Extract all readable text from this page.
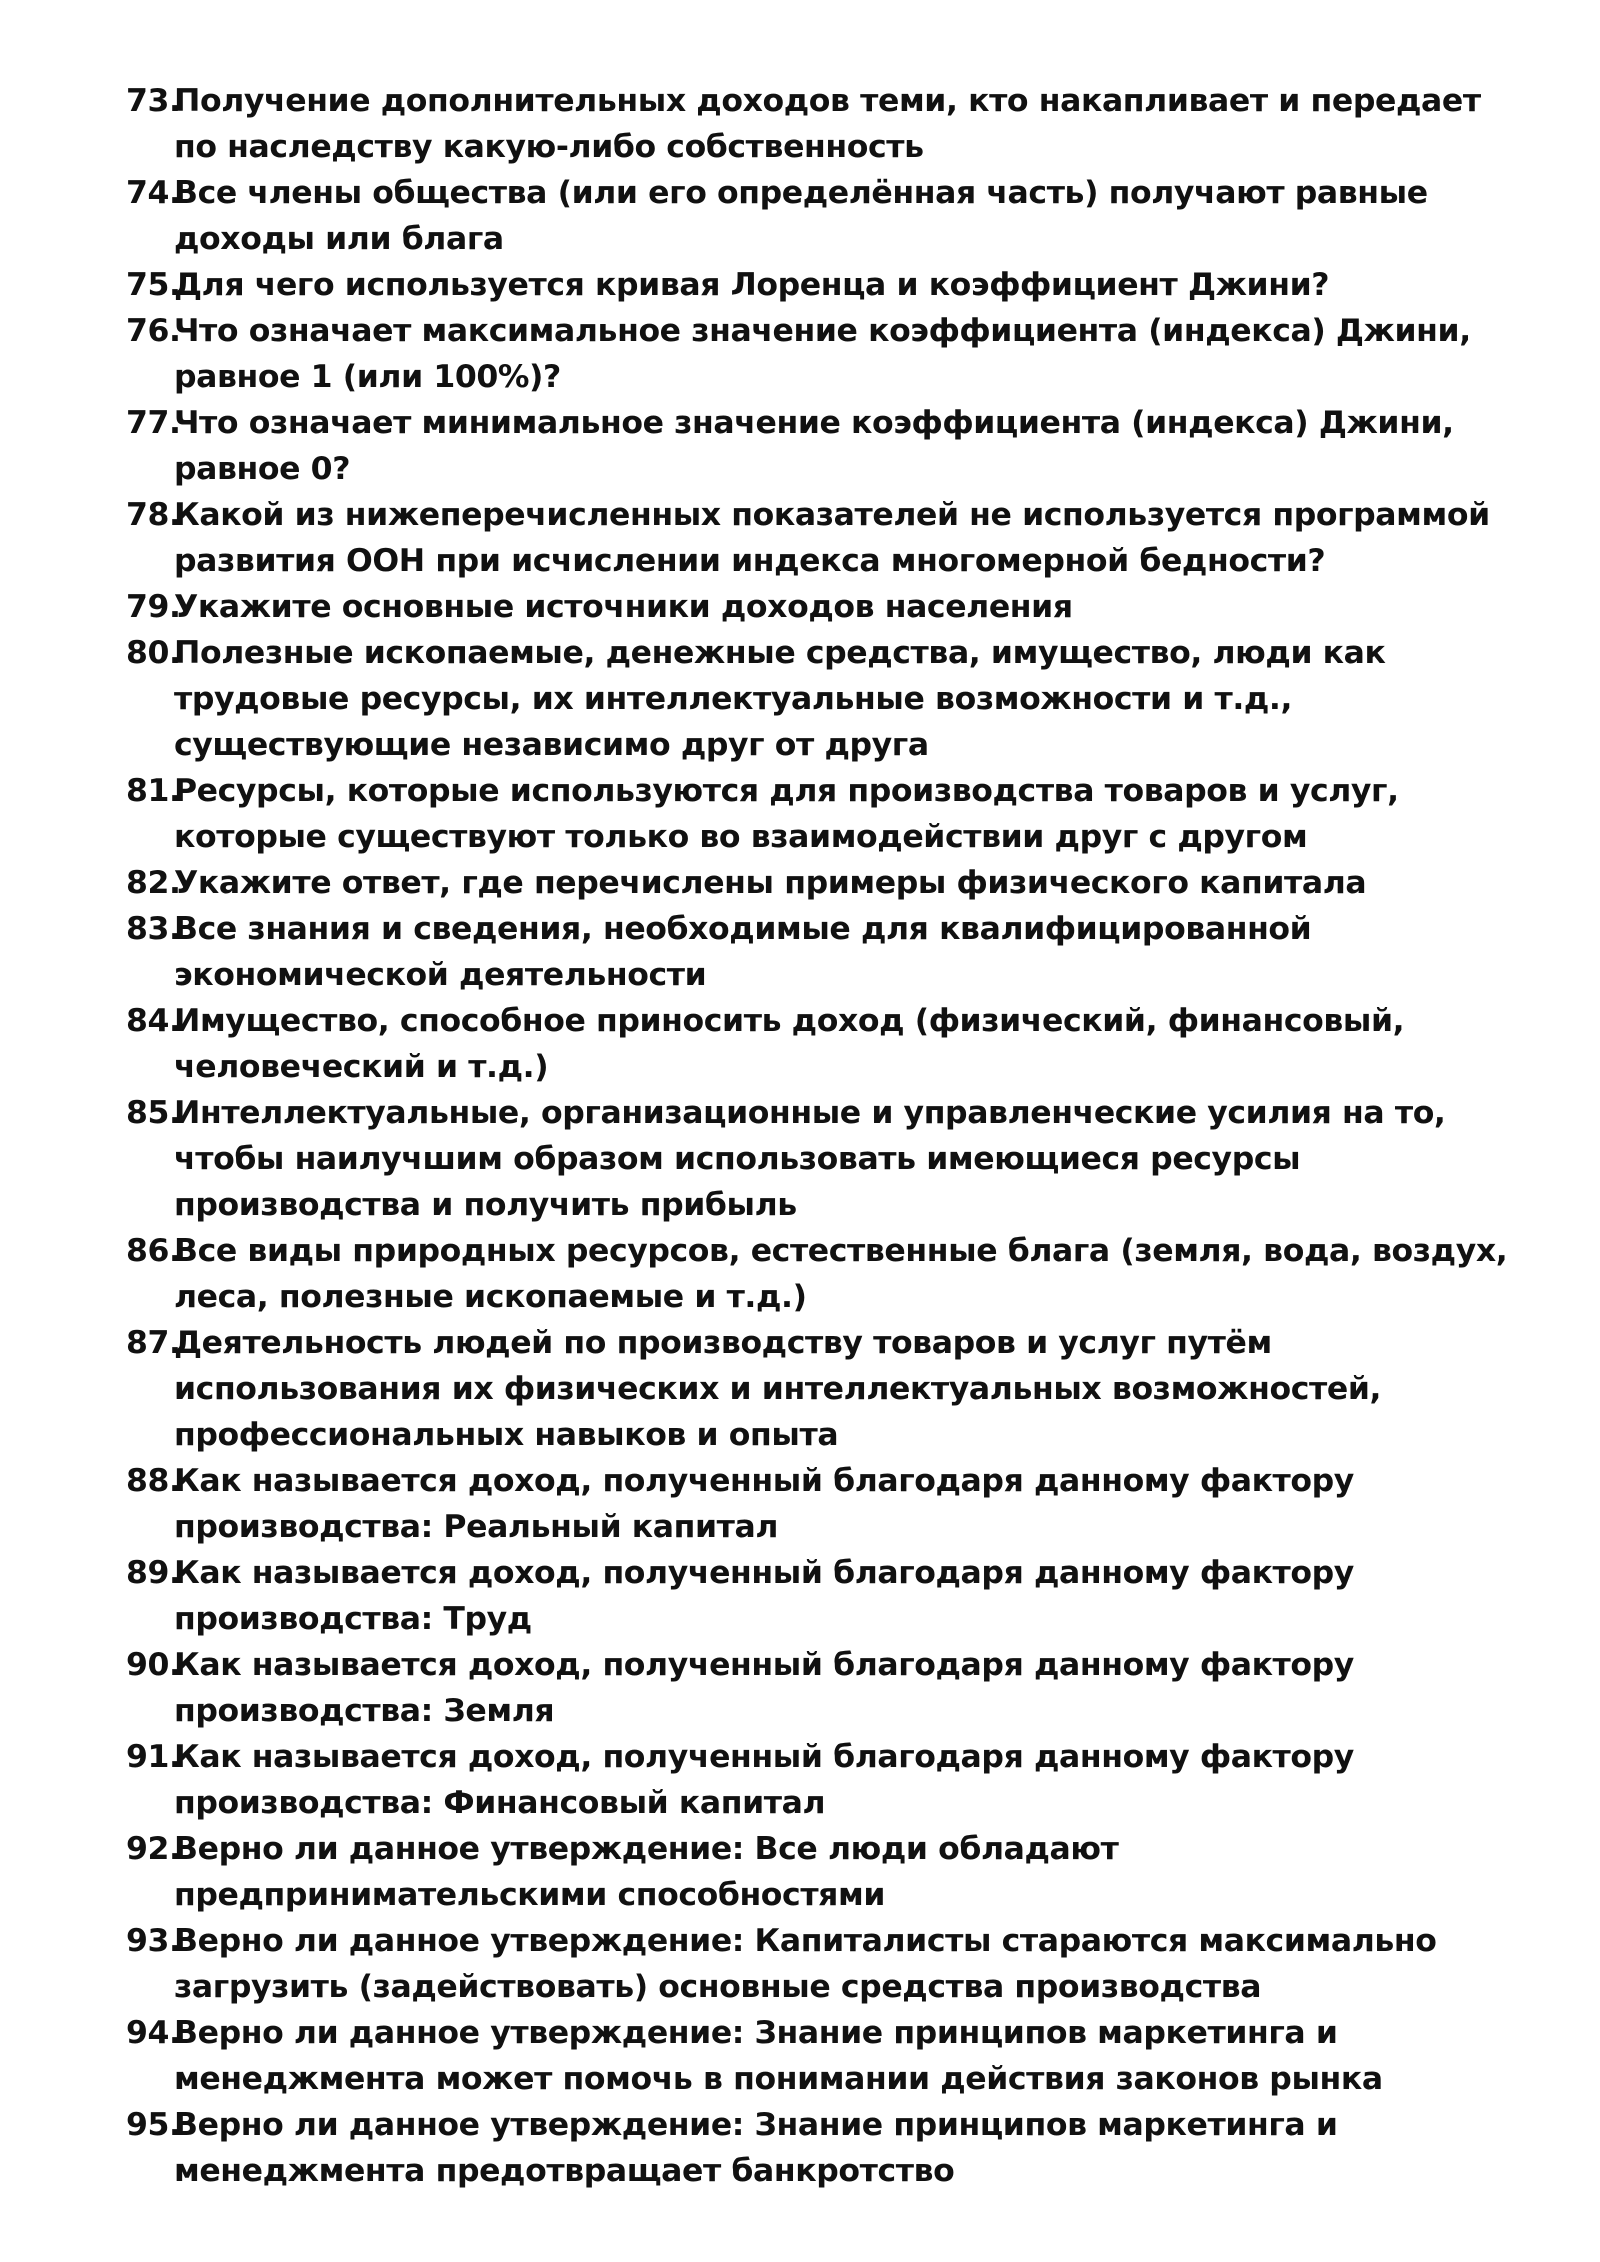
73.
Получение дополнительных доходов теми, кто накапливает и передает по наследству какую-либо собственность
74.
Все члены общества (или его определённая часть) получают равные доходы или блага
75.
Для чего используется кривая Лоренца и коэффициент Джини?
76.
Что означает максимальное значение коэффициента (индекса) Джини, равное 1 (или 100%)?
77.
Что означает минимальное значение коэффициента (индекса) Джини, равное 0?
78.
Какой из нижеперечисленных показателей не используется программой развития ООН при исчислении индекса многомерной бедности?
79.
Укажите основные источники доходов населения
80.
Полезные ископаемые, денежные средства, имущество, люди как трудовые ресурсы, их интеллектуальные возможности и т.д., существующие независимо друг от друга
81.
Ресурсы, которые используются для производства товаров и услуг, которые существуют только во взаимодействии друг с другом
82.
Укажите ответ, где перечислены примеры физического капитала
83.
Все знания и сведения, необходимые для квалифицированной экономической деятельности
84.
Имущество, способное приносить доход (физический, финансовый, человеческий и т.д.)
85.
Интеллектуальные, организационные и управленческие усилия на то, чтобы наилучшим образом использовать имеющиеся ресурсы производства и получить прибыль
86.
Все виды природных ресурсов, естественные блага (земля, вода, воздух, леса, полезные ископаемые и т.д.)
87.
Деятельность людей по производству товаров и услуг путём использования их физических и интеллектуальных возможностей, профессиональных навыков и опыта
88.
Как называется доход, полученный благодаря данному фактору производства: Реальный капитал
89.
Как называется доход, полученный благодаря данному фактору производства: Труд
90.
Как называется доход, полученный благодаря данному фактору производства: Земля
91.
Как называется доход, полученный благодаря данному фактору производства: Финансовый капитал
92.
Верно ли данное утверждение: Все люди обладают предпринимательскими способностями
93.
Верно ли данное утверждение: Капиталисты стараются максимально загрузить (задействовать) основные средства производства
94.
Верно ли данное утверждение: Знание принципов маркетинга и менеджмента может помочь в понимании действия законов рынка
95.
Верно ли данное утверждение: Знание принципов маркетинга и менеджмента предотвращает банкротство
